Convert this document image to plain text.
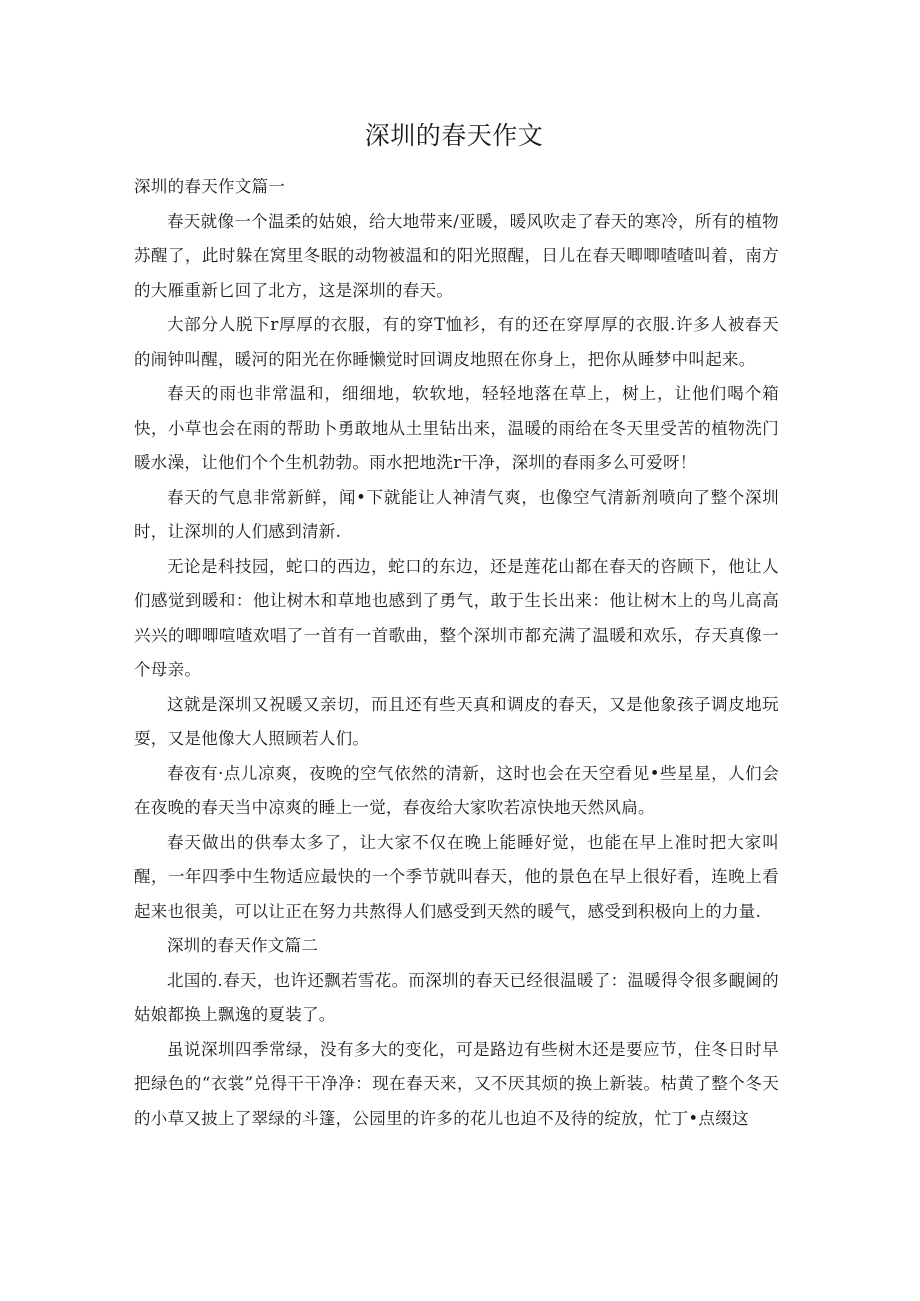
深圳的春天作文

深圳的春天作文篇一

春天就像一个温柔的姑娘，给大地带来/亚暖，暖风吹走了春天的寒冷，所有的植物苏醒了，此时躲在窝里冬眠的动物被温和的阳光照醒，日儿在春天唧唧喳喳叫着，南方的大雁重新匕回了北方，这是深圳的春天。

大部分人脱下r厚厚的衣服，有的穿T恤衫，有的还在穿厚厚的衣服.许多人被春天的闹钟叫醒，暖河的阳光在你睡懒觉时回调皮地照在你身上，把你从睡梦中叫起来。

春天的雨也非常温和，细细地，软软地，轻轻地落在草上，树上，让他们喝个箱快，小草也会在雨的帮助卜勇敢地从土里钻出来，温暖的雨给在冬天里受苦的植物洗门暖水澡，让他们个个生机勃勃。雨水把地洗r干净，深圳的春雨多么可爱呀！

春天的气息非常新鲜，闻•下就能让人神清气爽，也像空气清新剂喷向了整个深圳时，让深圳的人们感到清新.

无论是科技园，蛇口的西边，蛇口的东边，还是莲花山都在春天的咨顾下，他让人们感觉到暖和：他让树木和草地也感到了勇气，敢于生长出来：他让树木上的鸟儿高高兴兴的唧唧喧喳欢唱了一首有一首歌曲，整个深圳市都充满了温暖和欢乐，存天真像一个母亲。

这就是深圳又祝暖又亲切，而且还有些天真和调皮的春天，又是他象孩子调皮地玩耍，又是他像大人照顾若人们。

春夜有·点儿凉爽，夜晚的空气依然的清新，这时也会在天空看见•些星星，人们会在夜晚的春天当中凉爽的睡上一觉，春夜给大家吹若凉快地天然风扃。

春天做出的供奉太多了，让大家不仅在晚上能睡好觉，也能在早上准时把大家叫醒，一年四季中生物适应最快的一个季节就叫春天，他的景色在早上很好看，连晚上看起来也很美，可以让正在努力共熬得人们感受到天然的暖气，感受到积极向上的力量.

深圳的春天作文篇二

北国的.春天，也许还飘若雪花。而深圳的春天已经很温暖了：温暖得令很多靦阃的姑娘都换上飘逸的夏装了。

虽说深圳四季常绿，没有多大的变化，可是路边有些树木还是要应节，住冬日时早把绿色的“衣裳”兑得干干净净：现在春天来，又不厌其烦的换上新装。枯黄了整个冬天的小草又披上了翠绿的斗篷，公园里的许多的花儿也迫不及待的绽放，忙丁•点缀这
